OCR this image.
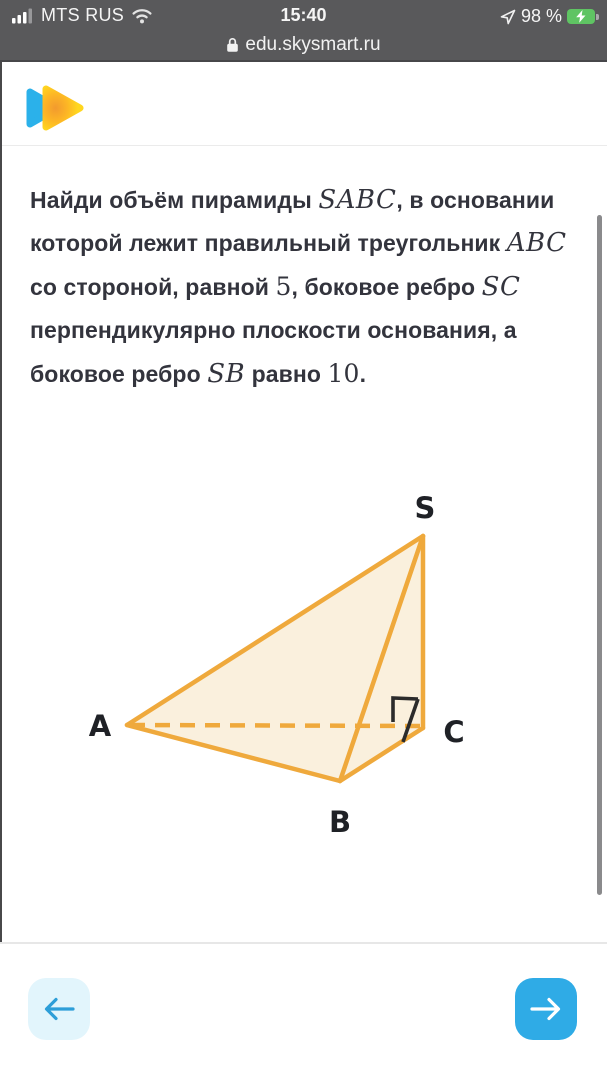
15:40
MTS RUS	98 %
edu.skysmart.ru
Найди объём пирамиды SABC, в основании которой лежит правильный треугольник ABC со стороной, равной 5, боковое ребро SC перпендикулярно плоскости основания, а боковое ребро SB равно 10.
S
A
B
C
